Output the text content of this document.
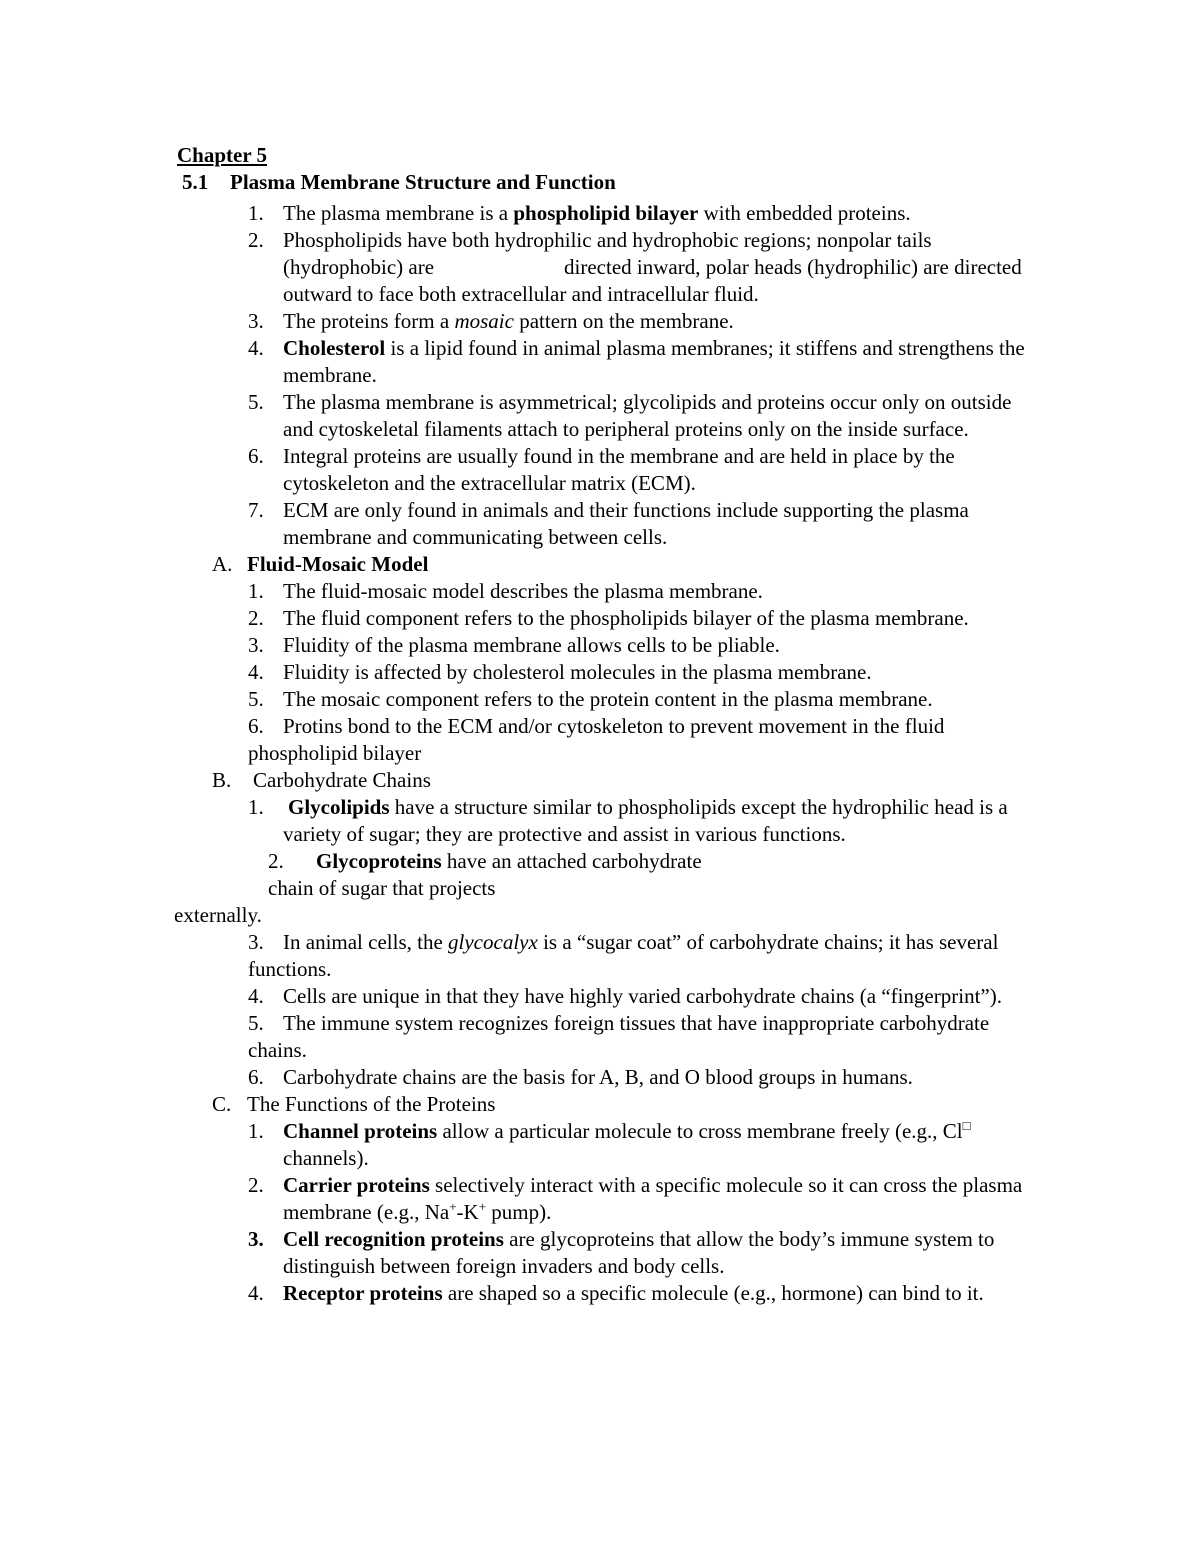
Chapter 5
5.1 Plasma Membrane Structure and Function
1. The plasma membrane is a phospholipid bilayer with embedded proteins.
2. Phospholipids have both hydrophilic and hydrophobic regions; nonpolar tails (hydrophobic) are	directed inward, polar heads (hydrophilic) are directed outward to face both extracellular and intracellular fluid.
3. The proteins form a mosaic pattern on the membrane.
4. Cholesterol is a lipid found in animal plasma membranes; it stiffens and strengthens the membrane.
5. The plasma membrane is asymmetrical; glycolipids and proteins occur only on outside and cytoskeletal filaments attach to peripheral proteins only on the inside surface.
6. Integral proteins are usually found in the membrane and are held in place by the cytoskeleton and the extracellular matrix (ECM).
7. ECM are only found in animals and their functions include supporting the plasma membrane and communicating between cells.
A. Fluid-Mosaic Model
1. The fluid-mosaic model describes the plasma membrane.
2. The fluid component refers to the phospholipids bilayer of the plasma membrane.
3. Fluidity of the plasma membrane allows cells to be pliable.
4. Fluidity is affected by cholesterol molecules in the plasma membrane.
5. The mosaic component refers to the protein content in the plasma membrane.
6. Protins bond to the ECM and/or cytoskeleton to prevent movement in the fluid phospholipid bilayer
B. Carbohydrate Chains
1. Glycolipids have a structure similar to phospholipids except the hydrophilic head is a variety of sugar; they are protective and assist in various functions.
2. Glycoproteins have an attached carbohydrate chain of sugar that projects
externally.
3. In animal cells, the glycocalyx is a “sugar coat” of carbohydrate chains; it has several functions.
4. Cells are unique in that they have highly varied carbohydrate chains (a “fingerprint”).
5. The immune system recognizes foreign tissues that have inappropriate carbohydrate chains.
6. Carbohydrate chains are the basis for A, B, and O blood groups in humans.
C. The Functions of the Proteins
1. Channel proteins allow a particular molecule to cross membrane freely (e.g., Cl□ channels).
2. Carrier proteins selectively interact with a specific molecule so it can cross the plasma membrane (e.g., Na+-K+ pump).
3. Cell recognition proteins are glycoproteins that allow the body’s immune system to distinguish between foreign invaders and body cells.
4. Receptor proteins are shaped so a specific molecule (e.g., hormone) can bind to it.
